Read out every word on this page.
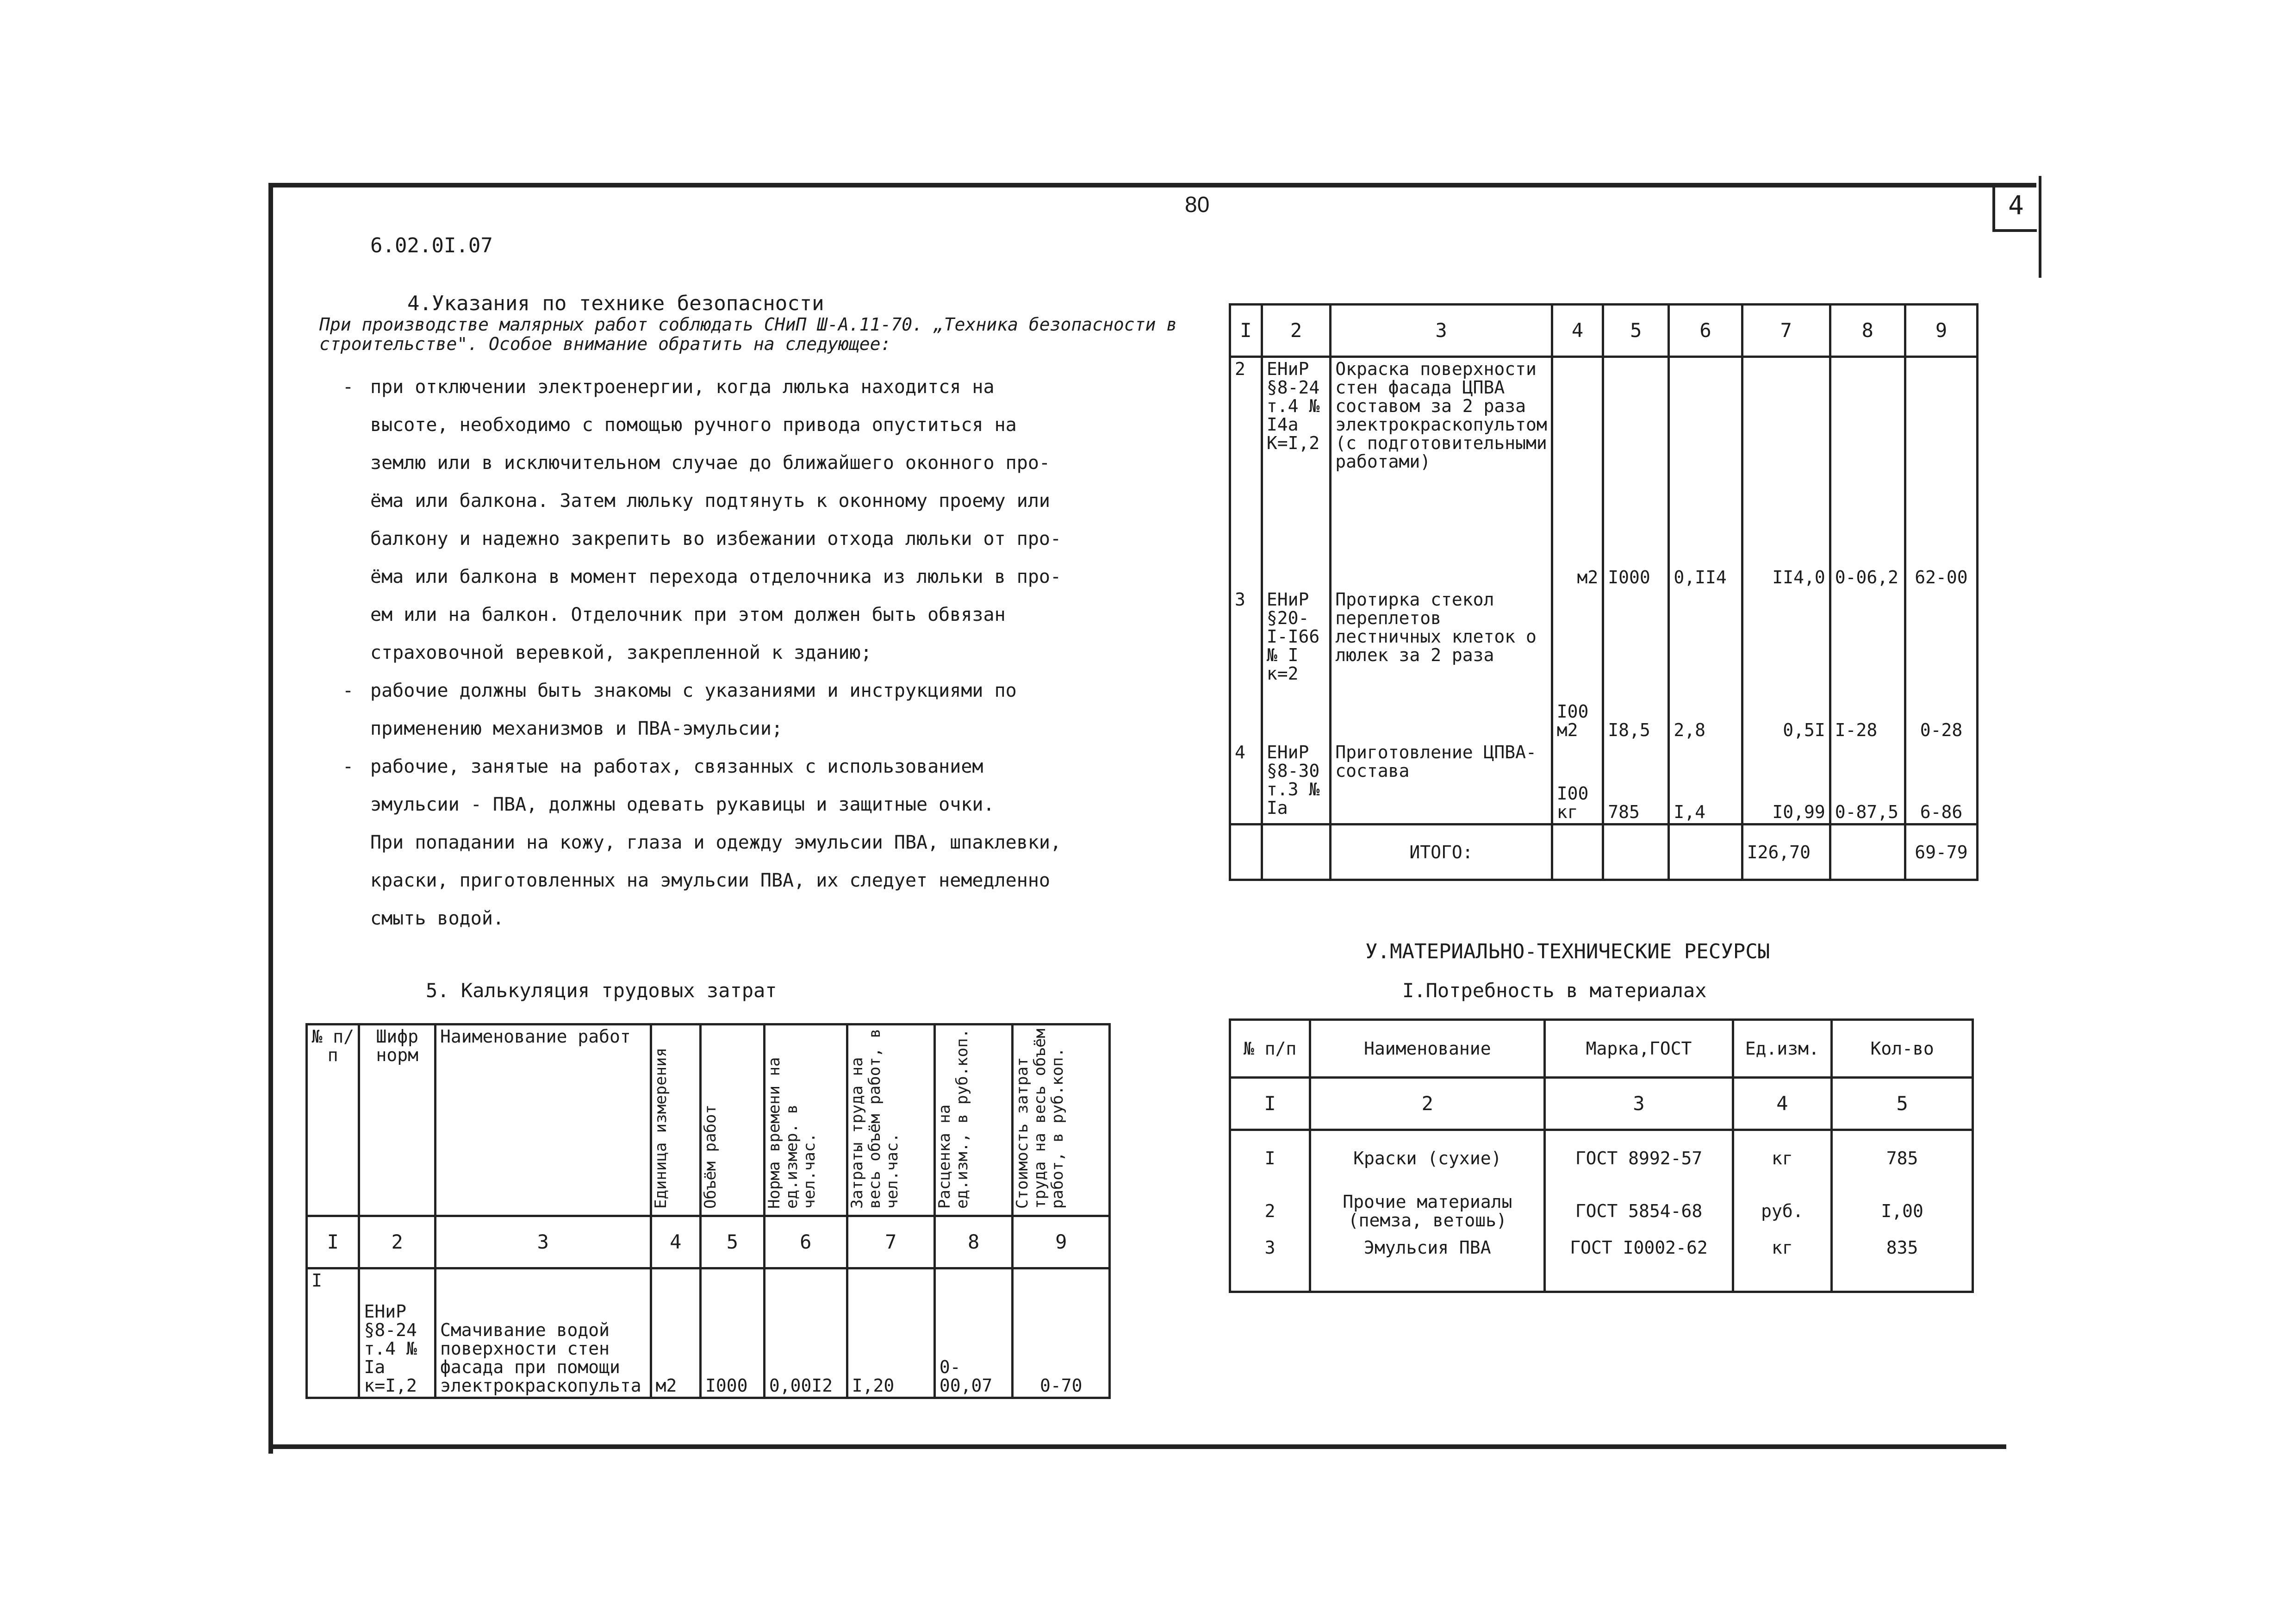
4
80
6.02.0I.07
4.Указания по технике безопасности
При производстве малярных работ соблюдать СНиП Ш-А.11-70. „Техника безопасности в строительстве". Особое внимание обратить на следующее:

- при отключении электроенергии, когда люлька находится на

высоте, необходимо с помощью ручного привода опуститься на

землю или в исключительном случае до ближайшего оконного про-

ёма или балкона. Затем люльку подтянуть к оконному проему или

балкону и надежно закрепить во избежании отхода люльки от про-

ёма или балкона в момент перехода отделочника из люльки в про-

ем или на балкон. Отделочник при этом должен быть обвязан

страховочной веревкой, закрепленной к зданию;

- рабочие должны быть знакомы с указаниями и инструкциями по

применению механизмов и ПВА-эмульсии;

- рабочие, занятые на работах, связанных с использованием

эмульсии - ПВА, должны одевать рукавицы и защитные очки.

При попадании на кожу, глаза и одежду эмульсии ПВА, шпаклевки,

краски, приготовленных на эмульсии ПВА, их следует немедленно

смыть водой.

5. Калькуляция трудовых затрат
№ п/п	Шифр норм	Наименование работ	Единица измерения	Объём работ	Норма времени на ед.измер. в чел.час.	Затраты труда на весь объём работ, в чел.час.	Расценка на ед.изм., в руб.коп.	Стоимость затрат труда на весь объём работ, в руб.коп.
I	2	3	4	5	6	7	8	9
I	ЕНиР §8-24 т.4 № Iа к=I,2	Смачивание водой поверхности стен фасада при помощи электрокраскопульта	м2	I000	0,00I2	I,20	0-00,07	0-70
I	2	3	4	5	6	7	8	9
2	ЕНиР §8-24 т.4 № I4а К=I,2	Окраска поверхности стен фасада ЦПВА составом за 2 раза электрокраскопультом (с подготовительными работами)	м2	I000	0,II4	II4,0	0-06,2	62-00
3	ЕНиР §20-I-I66 № I к=2	Протирка стекол переплетов лестничных клеток о люлек за 2 раза	I00 м2	I8,5	2,8	0,5I	I-28	0-28
4	ЕНиР §8-30 т.3 № Iа	Приготовление ЦПВА-состава	I00 кг	785	I,4	I0,99	0-87,5	6-86
		ИТОГО:				I26,70		69-79
У.МАТЕРИАЛЬНО-ТЕХНИЧЕСКИЕ РЕСУРСЫ
I.Потребность в материалах
№ п/п	Наименование	Марка,ГОСТ	Ед.изм.	Кол-во
I	2	3	4	5
I	Краски (сухие)	ГОСТ 8992-57	кг	785
2	Прочие материалы (пемза, ветошь)	ГОСТ 5854-68	руб.	I,00
3	Эмульсия ПВА	ГОСТ I0002-62	кг	835
